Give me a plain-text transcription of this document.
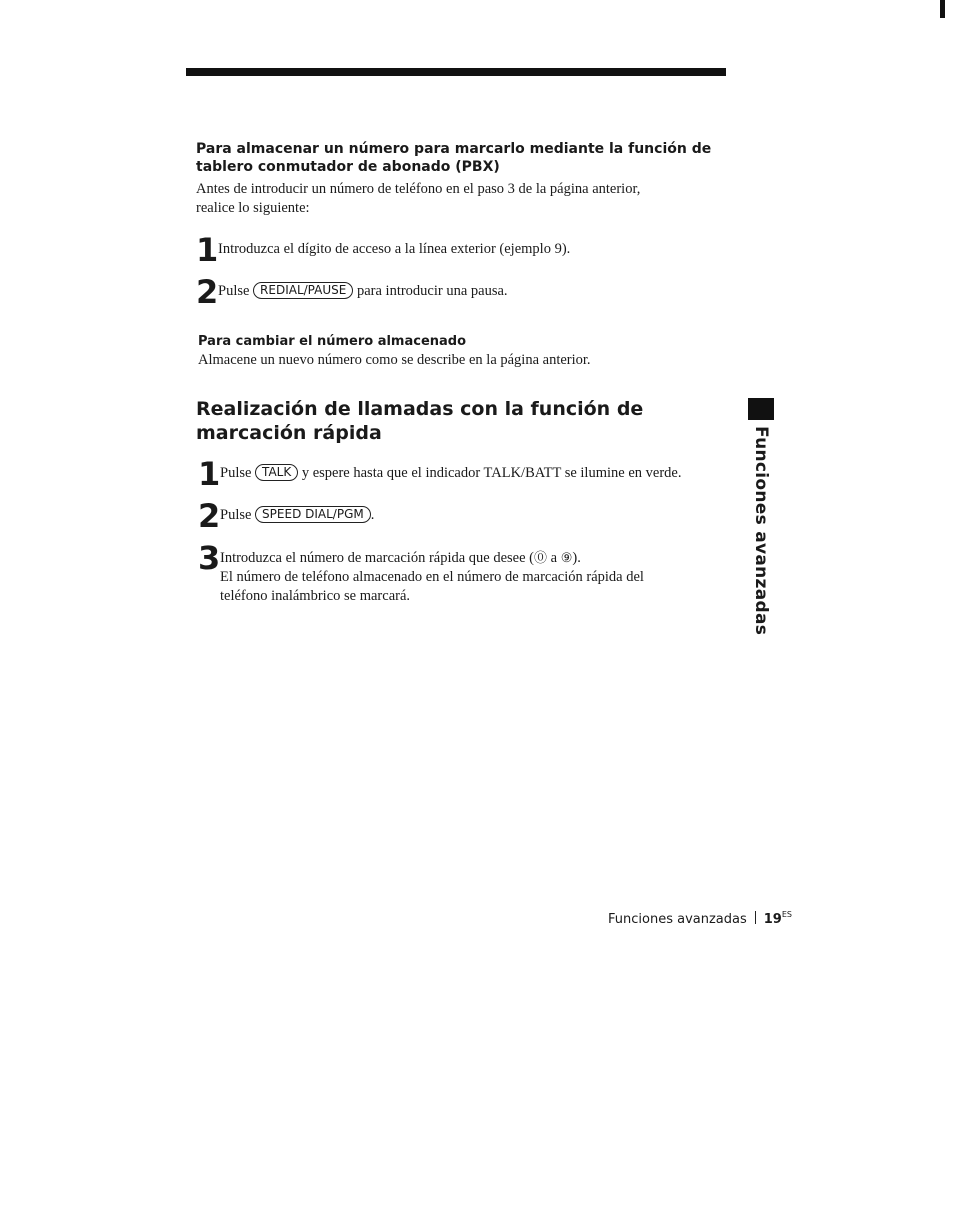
Para almacenar un número para marcarlo mediante la función de tablero conmutador de abonado (PBX)
Antes de introducir un número de teléfono en el paso 3 de la página anterior, realice lo siguiente:
1 Introduzca el dígito de acceso a la línea exterior (ejemplo 9).
2 Pulse REDIAL/PAUSE para introducir una pausa.
Para cambiar el número almacenado
Almacene un nuevo número como se describe en la página anterior.
Realización de llamadas con la función de marcación rápida
1 Pulse TALK y espere hasta que el indicador TALK/BATT se ilumine en verde.
2 Pulse SPEED DIAL/PGM .
3 Introduzca el número de marcación rápida que desee (⓪ a ⑨).
El número de teléfono almacenado en el número de marcación rápida del teléfono inalámbrico se marcará.	Funciones avanzadas
Funciones avanzadas $19^{ES}$
